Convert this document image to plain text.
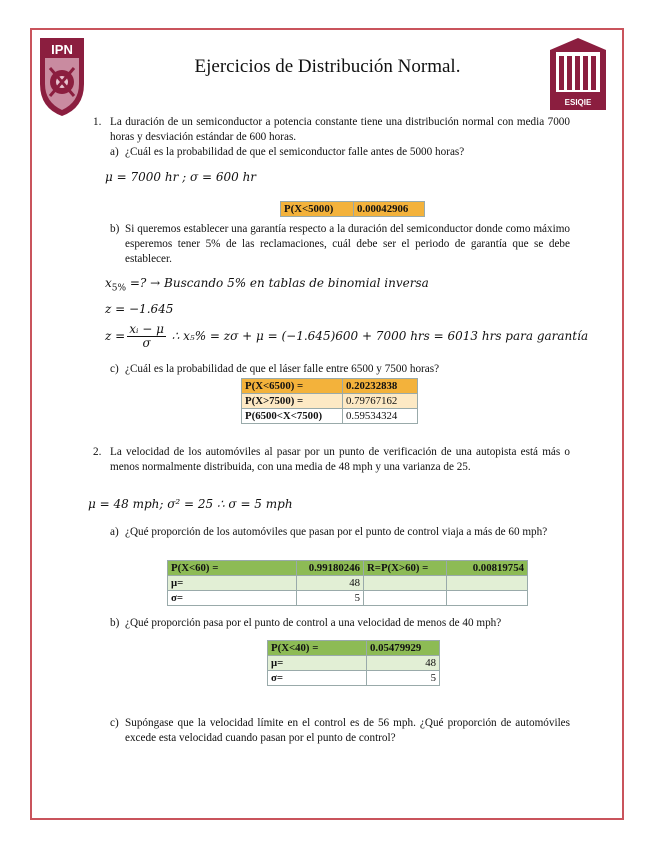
IPN
ESIQIE
Ejercicios de Distribución Normal.
1. La duración de un semiconductor a potencia constante tiene una distribución normal con media 7000 horas y desviación estándar de 600 horas.
a) ¿Cuál es la probabilidad de que el semiconductor falle antes de 5000 horas?
μ = 7000 hr ; σ = 600 hr
P(X<5000)	0.00042906
b) Si queremos establecer una garantía respecto a la duración del semiconductor donde como máximo esperemos tener 5% de las reclamaciones, cuál debe ser el periodo de garantía que se debe establecer.
$x_{5\%}$ =? → Buscando 5% en tablas de binomial inversa
z = −1.645
$z = \frac{\text{xᵢ − μ}}{\sigma}$ ∴ x₅% = zσ + μ = (−1.645)600 + 7000 hrs = 6013 hrs para garantía
c) ¿Cuál es la probabilidad de que el láser falle entre 6500 y 7500 horas?
P(X<6500) =	0.20232838
P(X>7500) =	0.79767162
P(6500<X<7500)	0.59534324
2. La velocidad de los automóviles al pasar por un punto de verificación de una autopista está más o menos normalmente distribuida, con una media de 48 mph y una varianza de 25.
μ = 48 mph; σ² = 25 ∴ σ = 5 mph
a) ¿Qué proporción de los automóviles que pasan por el punto de control viaja a más de 60 mph?
P(X<60) =	0.99180246	R=P(X>60) =	0.00819754
μ=	48		
σ=	5		
b) ¿Qué proporción pasa por el punto de control a una velocidad de menos de 40 mph?
P(X<40) =	0.05479929
μ=	48
σ=	5
c) Supóngase que la velocidad límite en el control es de 56 mph. ¿Qué proporción de automóviles excede esta velocidad cuando pasan por el punto de control?
